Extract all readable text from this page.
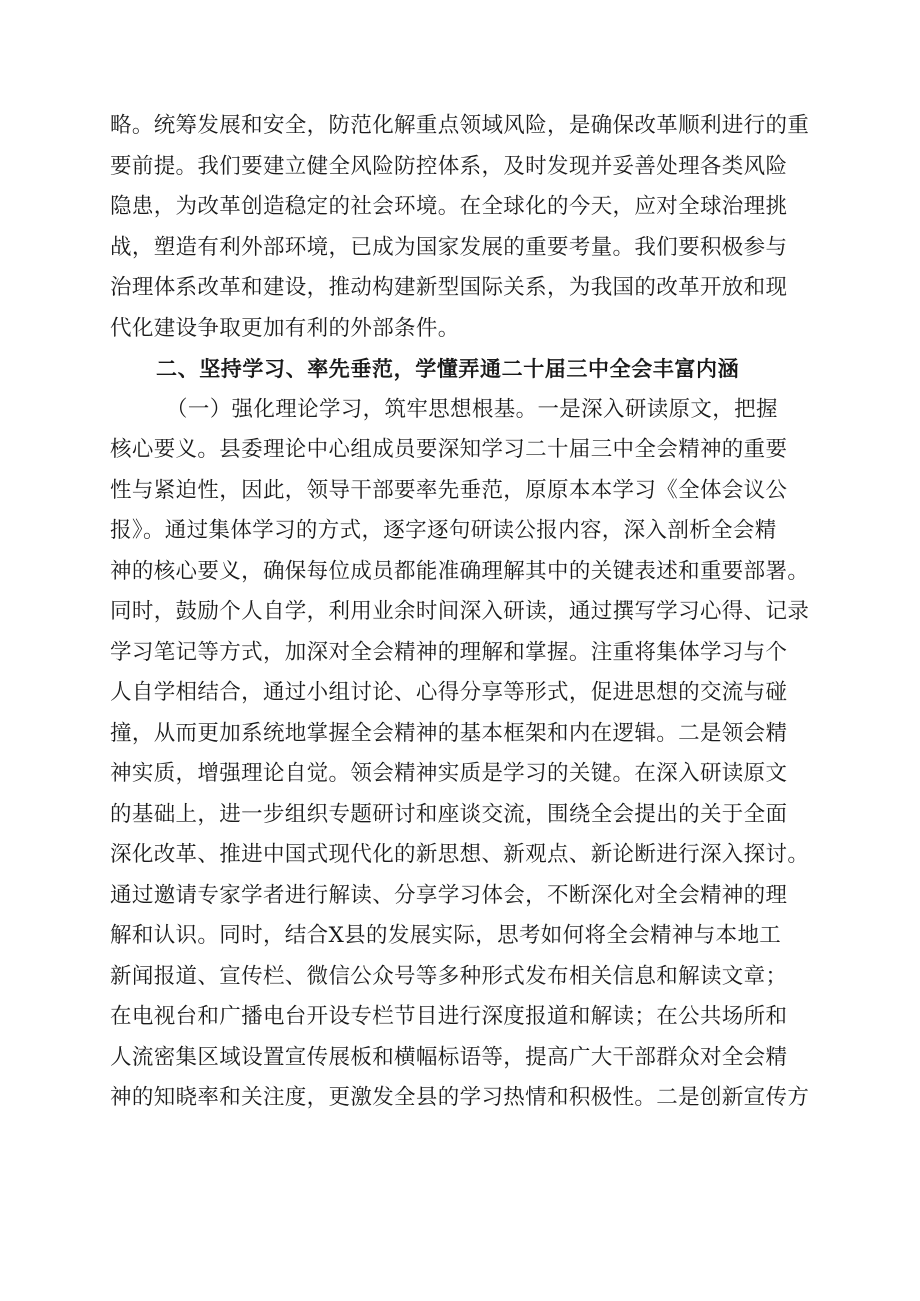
略。统筹发展和安全，防范化解重点领域风险，是确保改革顺利进行的重
要前提。我们要建立健全风险防控体系，及时发现并妥善处理各类风险
隐患，为改革创造稳定的社会环境。在全球化的今天，应对全球治理挑
战，塑造有利外部环境，已成为国家发展的重要考量。我们要积极参与
治理体系改革和建设，推动构建新型国际关系，为我国的改革开放和现
代化建设争取更加有利的外部条件。
二、坚持学习、率先垂范，学懂弄通二十届三中全会丰富内涵
（一）强化理论学习，筑牢思想根基。一是深入研读原文，把握
核心要义。县委理论中心组成员要深知学习二十届三中全会精神的重要
性与紧迫性，因此，领导干部要率先垂范，原原本本学习《全体会议公
报》。通过集体学习的方式，逐字逐句研读公报内容，深入剖析全会精
神的核心要义，确保每位成员都能准确理解其中的关键表述和重要部署。
同时，鼓励个人自学，利用业余时间深入研读，通过撰写学习心得、记录
学习笔记等方式，加深对全会精神的理解和掌握。注重将集体学习与个
人自学相结合，通过小组讨论、心得分享等形式，促进思想的交流与碰
撞，从而更加系统地掌握全会精神的基本框架和内在逻辑。二是领会精
神实质，增强理论自觉。领会精神实质是学习的关键。在深入研读原文
的基础上，进一步组织专题研讨和座谈交流，围绕全会提出的关于全面
深化改革、推进中国式现代化的新思想、新观点、新论断进行深入探讨。
通过邀请专家学者进行解读、分享学习体会，不断深化对全会精神的理
解和认识。同时，结合X县的发展实际，思考如何将全会精神与本地工
新闻报道、宣传栏、微信公众号等多种形式发布相关信息和解读文章；
在电视台和广播电台开设专栏节目进行深度报道和解读；在公共场所和
人流密集区域设置宣传展板和横幅标语等，提高广大干部群众对全会精
神的知晓率和关注度，更激发全县的学习热情和积极性。二是创新宣传方
